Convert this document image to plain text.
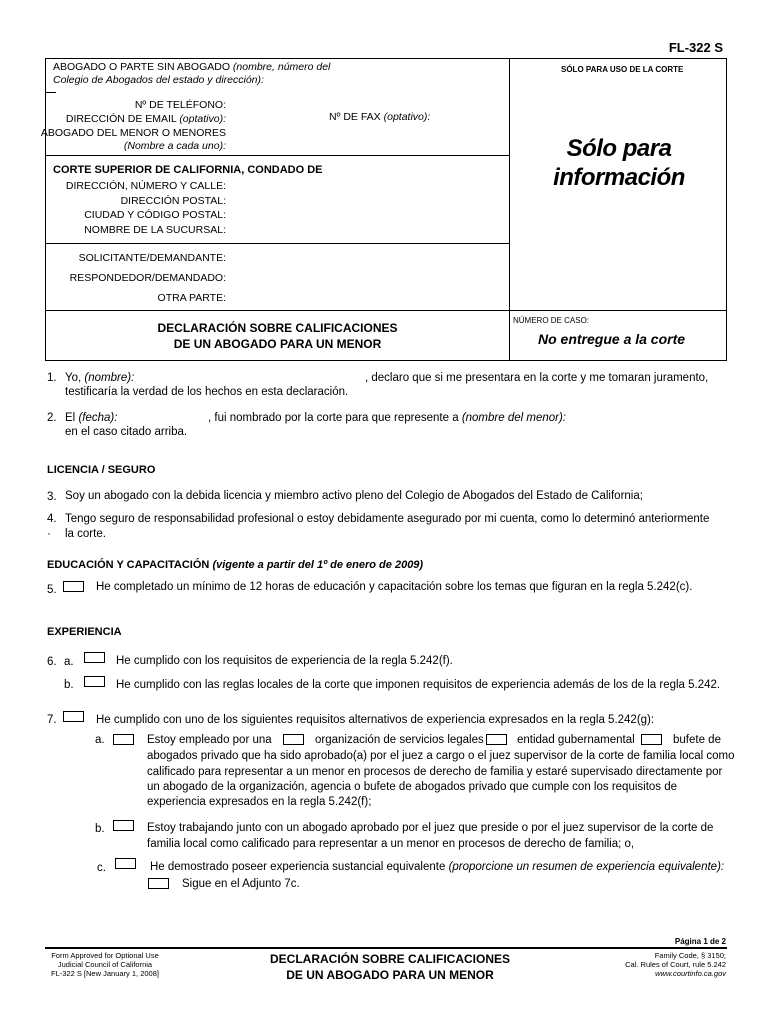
FL-322 S
ABOGADO O PARTE SIN ABOGADO (nombre, número del
Colegio de Abogados del estado y dirección):
SÓLO PARA USO DE LA CORTE
Nº DE TELÉFONO:
DIRECCIÓN DE EMAIL (optativo):	Nº DE FAX (optativo):
ABOGADO DEL MENOR O MENORES
(Nombre a cada uno):	Sólo para
información
CORTE SUPERIOR DE CALIFORNIA, CONDADO DE
DIRECCIÓN, NÚMERO Y CALLE:
DIRECCIÓN POSTAL:
CIUDAD Y CÓDIGO POSTAL:
NOMBRE DE LA SUCURSAL:
SOLICITANTE/DEMANDANTE:
RESPONDEDOR/DEMANDADO:
OTRA PARTE:
DECLARACIÓN SOBRE CALIFICACIONES
DE UN ABOGADO PARA UN MENOR
NÚMERO DE CASO:
No entregue a la corte
1. Yo, (nombre):	, declaro que si me presentara en la corte y me tomaran juramento,
testificaría la verdad de los hechos en esta declaración.
2. El (fecha):	, fui nombrado por la corte para que represente a (nombre del menor):
en el caso citado arriba.
LICENCIA / SEGURO
3. Soy un abogado con la debida licencia y miembro activo pleno del Colegio de Abogados del Estado de California;
4. Tengo seguro de responsabilidad profesional o estoy debidamente asegurado por mi cuenta, como lo determinó anteriormente
· la corte.
EDUCACIÓN Y CAPACITACIÓN (vigente a partir del 1º de enero de 2009)
5.	He completado un mínimo de 12 horas de educación y capacitación sobre los temas que figuran en la regla 5.242(c).
EXPERIENCIA
6. a.	He cumplido con los requisitos de experiencia de la regla 5.242(f).
b.	He cumplido con las reglas locales de la corte que imponen requisitos de experiencia además de los de la regla 5.242.
7.	He cumplido con uno de los siguientes requisitos alternativos de experiencia expresados en la regla 5.242(g):
a.	Estoy empleado por una	organización de servicios legales	entidad gubernamental	bufete de
abogados privado que ha sido aprobado(a) por el juez a cargo o el juez supervisor de la corte de familia local como
calificado para representar a un menor en procesos de derecho de familia y estaré supervisado directamente por
un abogado de la organización, agencia o bufete de abogados privado que cumple con los requisitos de
experiencia expresados en la regla 5.242(f);
b.	Estoy trabajando junto con un abogado aprobado por el juez que preside o por el juez supervisor de la corte de
familia local como calificado para representar a un menor en procesos de derecho de familia; o,
c.	He demostrado poseer experiencia sustancial equivalente (proporcione un resumen de experiencia equivalente):
Sigue en el Adjunto 7c.
Página 1 de 2
Form Approved for Optional Use
Judicial Council of California
FL-322 S [New January 1, 2008]
DECLARACIÓN SOBRE CALIFICACIONES
DE UN ABOGADO PARA UN MENOR
Family Code, § 3150;
Cal. Rules of Court, rule 5.242
www.courtinfo.ca.gov
